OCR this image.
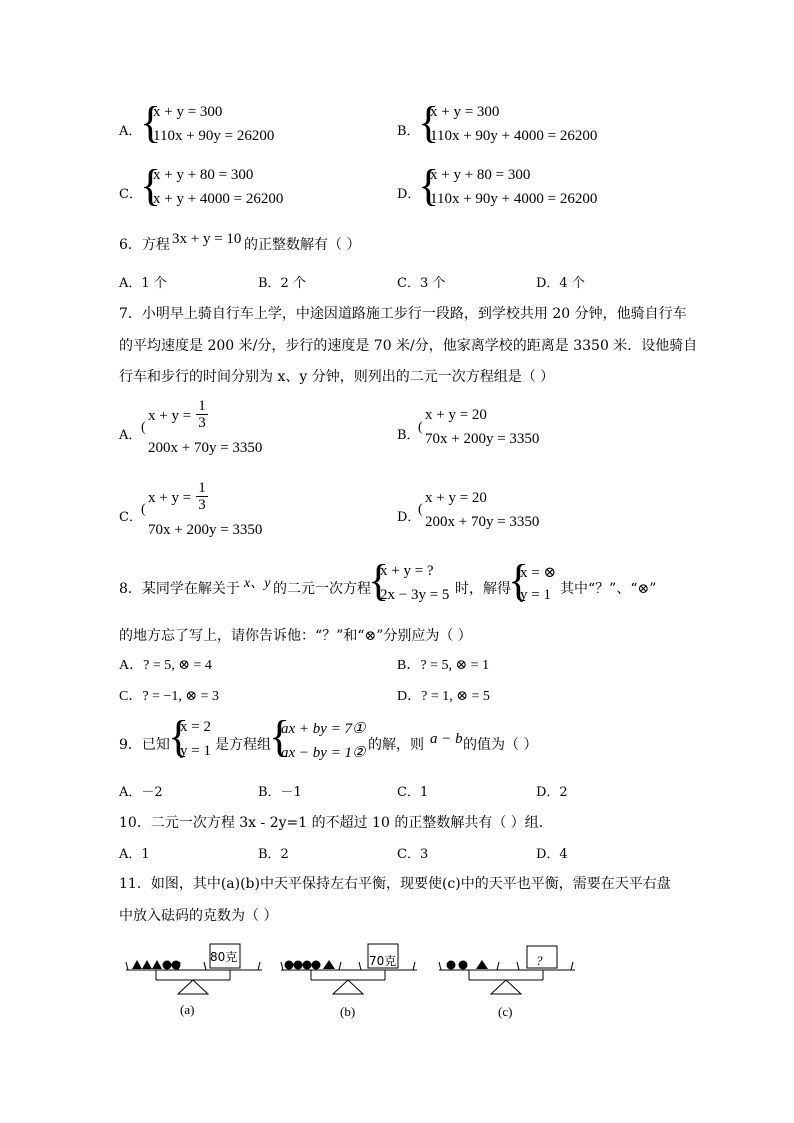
A．
{
x + y = 300
110x + 90y = 26200	B．
{
x + y = 300
110x + 90y + 4000 = 26200
C．
{
x + y + 80 = 300
x + y + 4000 = 26200	D．
{
x + y + 80 = 300
110x + 90y + 4000 = 26200
6．方程 3x + y = 10 的正整数解有（ ）
A．1 个	B．2 个	C．3 个	D．4 个
7．小明早上骑自行车上学，中途因道路施工步行一段路，到学校共用 20 分钟，他骑自行车
的平均速度是 200 米/分，步行的速度是 70 米/分，他家离学校的距离是 3350 米．设他骑自
行车和步行的时间分别为 x、y 分钟，则列出的二元一次方程组是（ ）
A．
(
$x + y = \frac{1}{3}$
200x + 70y = 3350
B．
(
x + y = 20
70x + 200y = 3350
C．
(
$x + y = \frac{1}{3}$
70x + 200y = 3350
D．
(
x + y = 20
200x + 70y = 3350
8．某同学在解关于 x、y 的二元一次方程
{
x + y = ?
2x − 3y = 5 时，解得
{
x = ⊗
y = 1 其中“？”、“⊗”
的地方忘了写上，请你告诉他：“？”和“⊗”分别应为（ ）
A．? = 5, ⊗ = 4	B．? = 5, ⊗ = 1
C．? = −1, ⊗ = 3	D．? = 1, ⊗ = 5
9．已知
{
x = 2
y = 1 是方程组
{
ax + by = 7①
ax − by = 1② 的解，则 a − b 的值为（ ）
A．－2	B．－1	C．1	D．2
10．二元一次方程 3x - 2y=1 的不超过 10 的正整数解共有（ ）组．
A．1	B．2	C．3	D．4
11．如图，其中(a)(b)中天平保持左右平衡，现要使(c)中的天平也平衡，需要在天平右盘
中放入砝码的克数为（ ）
80克
(a)
70克
(b)
?
(c)
